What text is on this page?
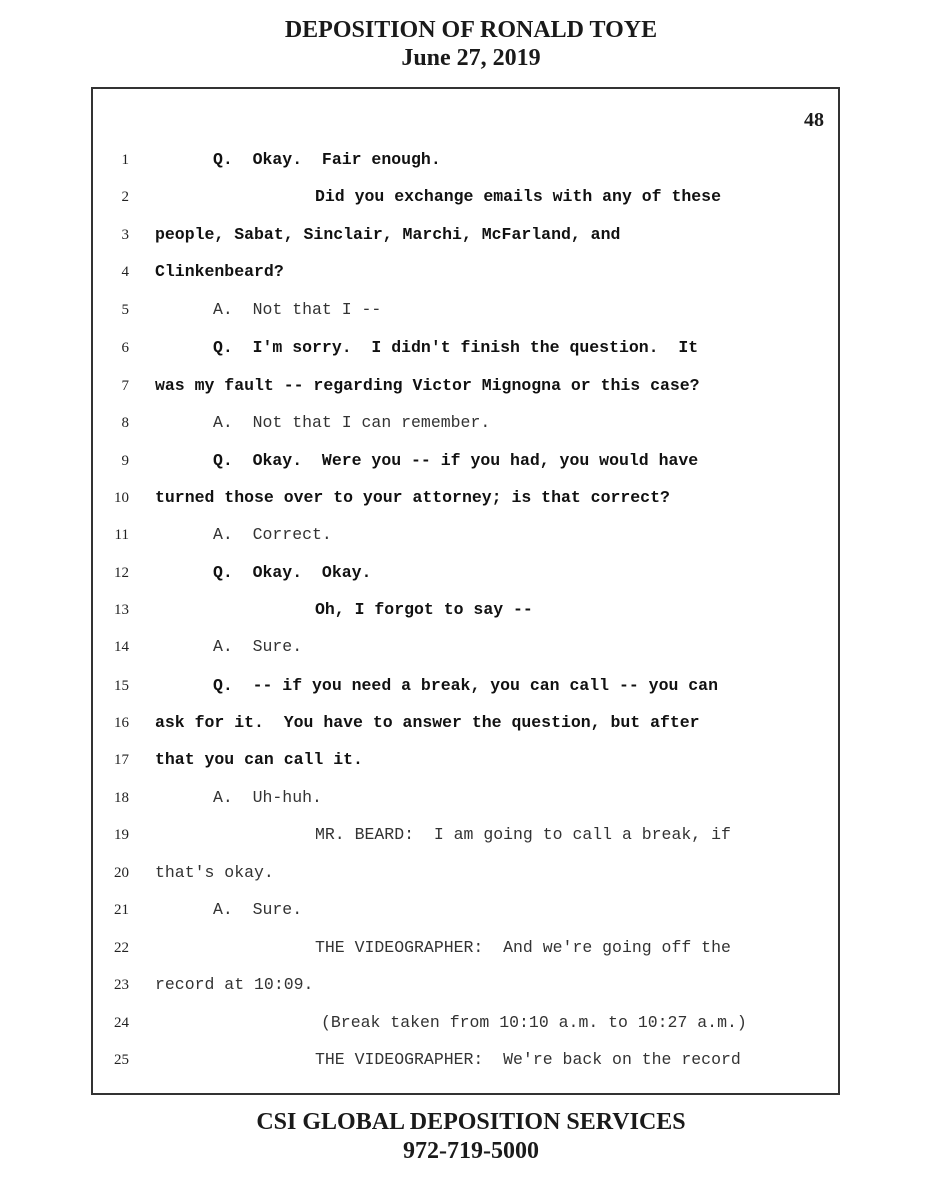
DEPOSITION OF RONALD TOYE
June 27, 2019
48
1	Q.  Okay.  Fair enough.
2	Did you exchange emails with any of these
3 people, Sabat, Sinclair, Marchi, McFarland, and
4 Clinkenbeard?
5	A.  Not that I --
6	Q.  I'm sorry.  I didn't finish the question.  It
7 was my fault -- regarding Victor Mignogna or this case?
8	A.  Not that I can remember.
9	Q.  Okay.  Were you -- if you had, you would have
10 turned those over to your attorney; is that correct?
11	A.  Correct.
12	Q.  Okay.  Okay.
13	Oh, I forgot to say --
14	A.  Sure.
15	Q.  -- if you need a break, you can call -- you can
16 ask for it.  You have to answer the question, but after
17 that you can call it.
18	A.  Uh-huh.
19	MR. BEARD:  I am going to call a break, if
20 that's okay.
21	A.  Sure.
22	THE VIDEOGRAPHER:  And we're going off the
23 record at 10:09.
24	(Break taken from 10:10 a.m. to 10:27 a.m.)
25	THE VIDEOGRAPHER:  We're back on the record
CSI GLOBAL DEPOSITION SERVICES
972-719-5000
